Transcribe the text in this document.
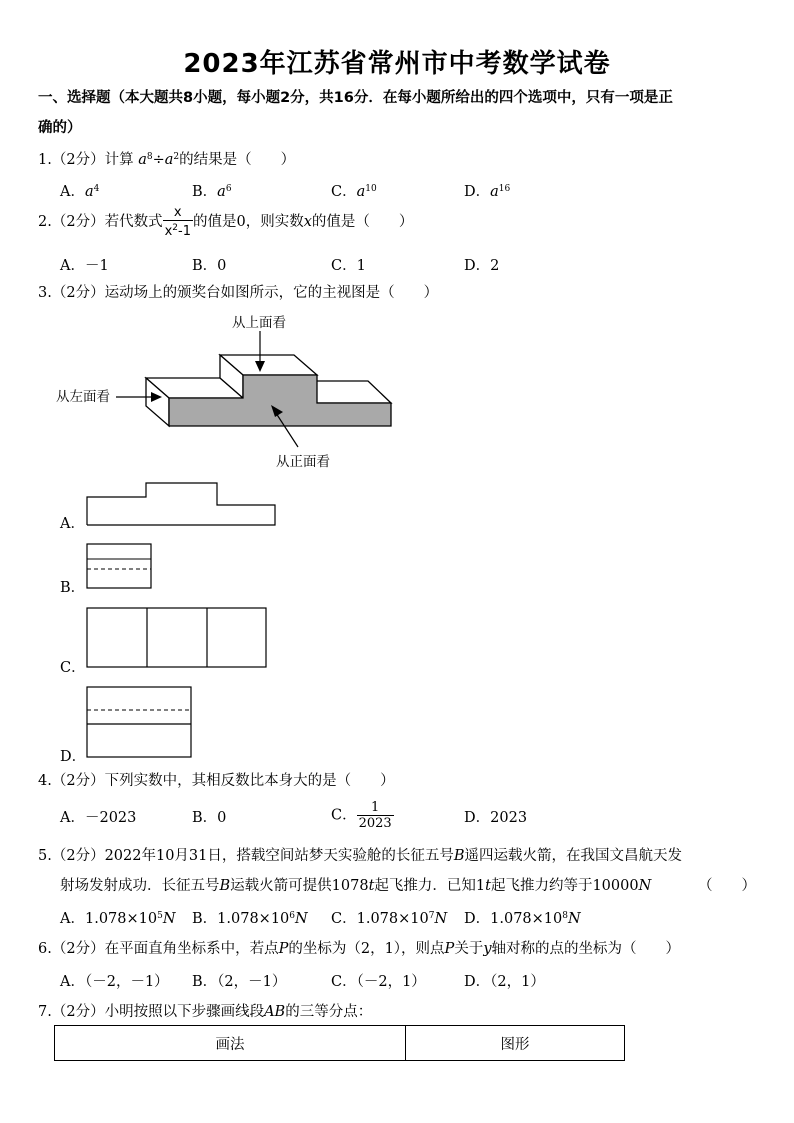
2023年江苏省常州市中考数学试卷
一、选择题（本大题共8小题，每小题2分，共16分．在每小题所给出的四个选项中，只有一项是正
确的）
1.（2分）计算 $a^8\div a^2$的结果是（　　）
A．$a^4$	B．$a^6$	C．$a^{10}$	D．$a^{16}$
2.（2分）若代数式 $\frac{x}{x^2-1}$ 的值是0，则实数x的值是（　　）
A．－1	B．0	C．1	D．2
3.（2分）运动场上的颁奖台如图所示，它的主视图是（　　）
从上面看
从左面看
从正面看
A．
B．
C．
D．
4.（2分）下列实数中，其相反数比本身大的是（　　）
A．－2023	B．0	C． $\frac{1}{2023}$	D．2023
5.（2分）2022年10月31日，搭载空间站梦天实验舱的长征五号B遥四运载火箭，在我国文昌航天发
射场发射成功．长征五号B运载火箭可提供1078t起飞推力．已知1t起飞推力约等于10000N	（　　）
A．$1.078\times 10^5N$ B．$1.078\times 10^6N$ C．$1.078\times 10^7N$ D．$1.078\times 10^8N$
6.（2分）在平面直角坐标系中，若点P的坐标为（2，1），则点P关于y轴对称的点的坐标为（　　）
A．（－2，－1） B．（2，－1）	C．（－2，1）	D．（2，1）
7.（2分）小明按照以下步骤画线段AB的三等分点：
画法	图形
